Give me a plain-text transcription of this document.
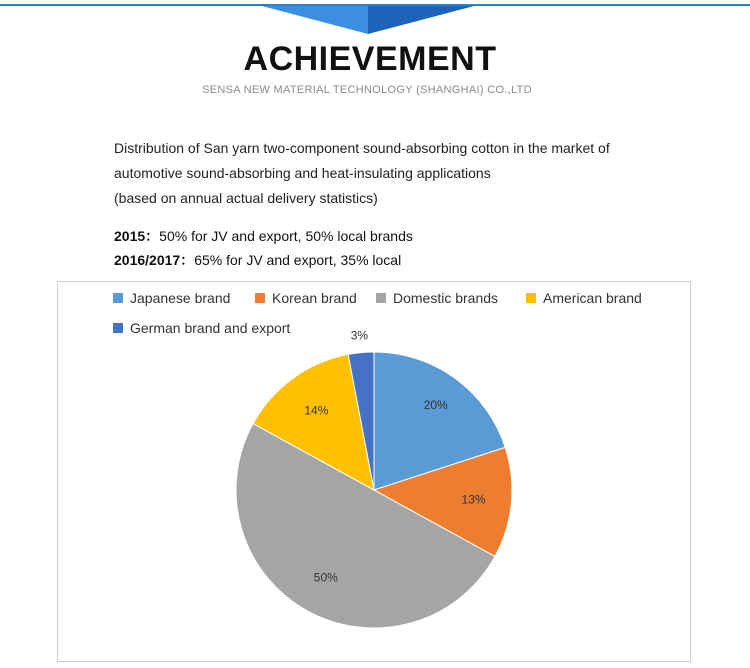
ACHIEVEMENT
SENSA NEW MATERIAL TECHNOLOGY (SHANGHAI) CO.,LTD
Distribution of San yarn two-component sound-absorbing cotton in the market of
automotive sound-absorbing and heat-insulating applications
(based on annual actual delivery statistics)
2015：50% for JV and export, 50% local brands
2016/2017：65% for JV and export, 35% local
Japanese brand	Korean brand	Domestic brands	American brand
German brand and export
20%
13%
50%
14%
3%
